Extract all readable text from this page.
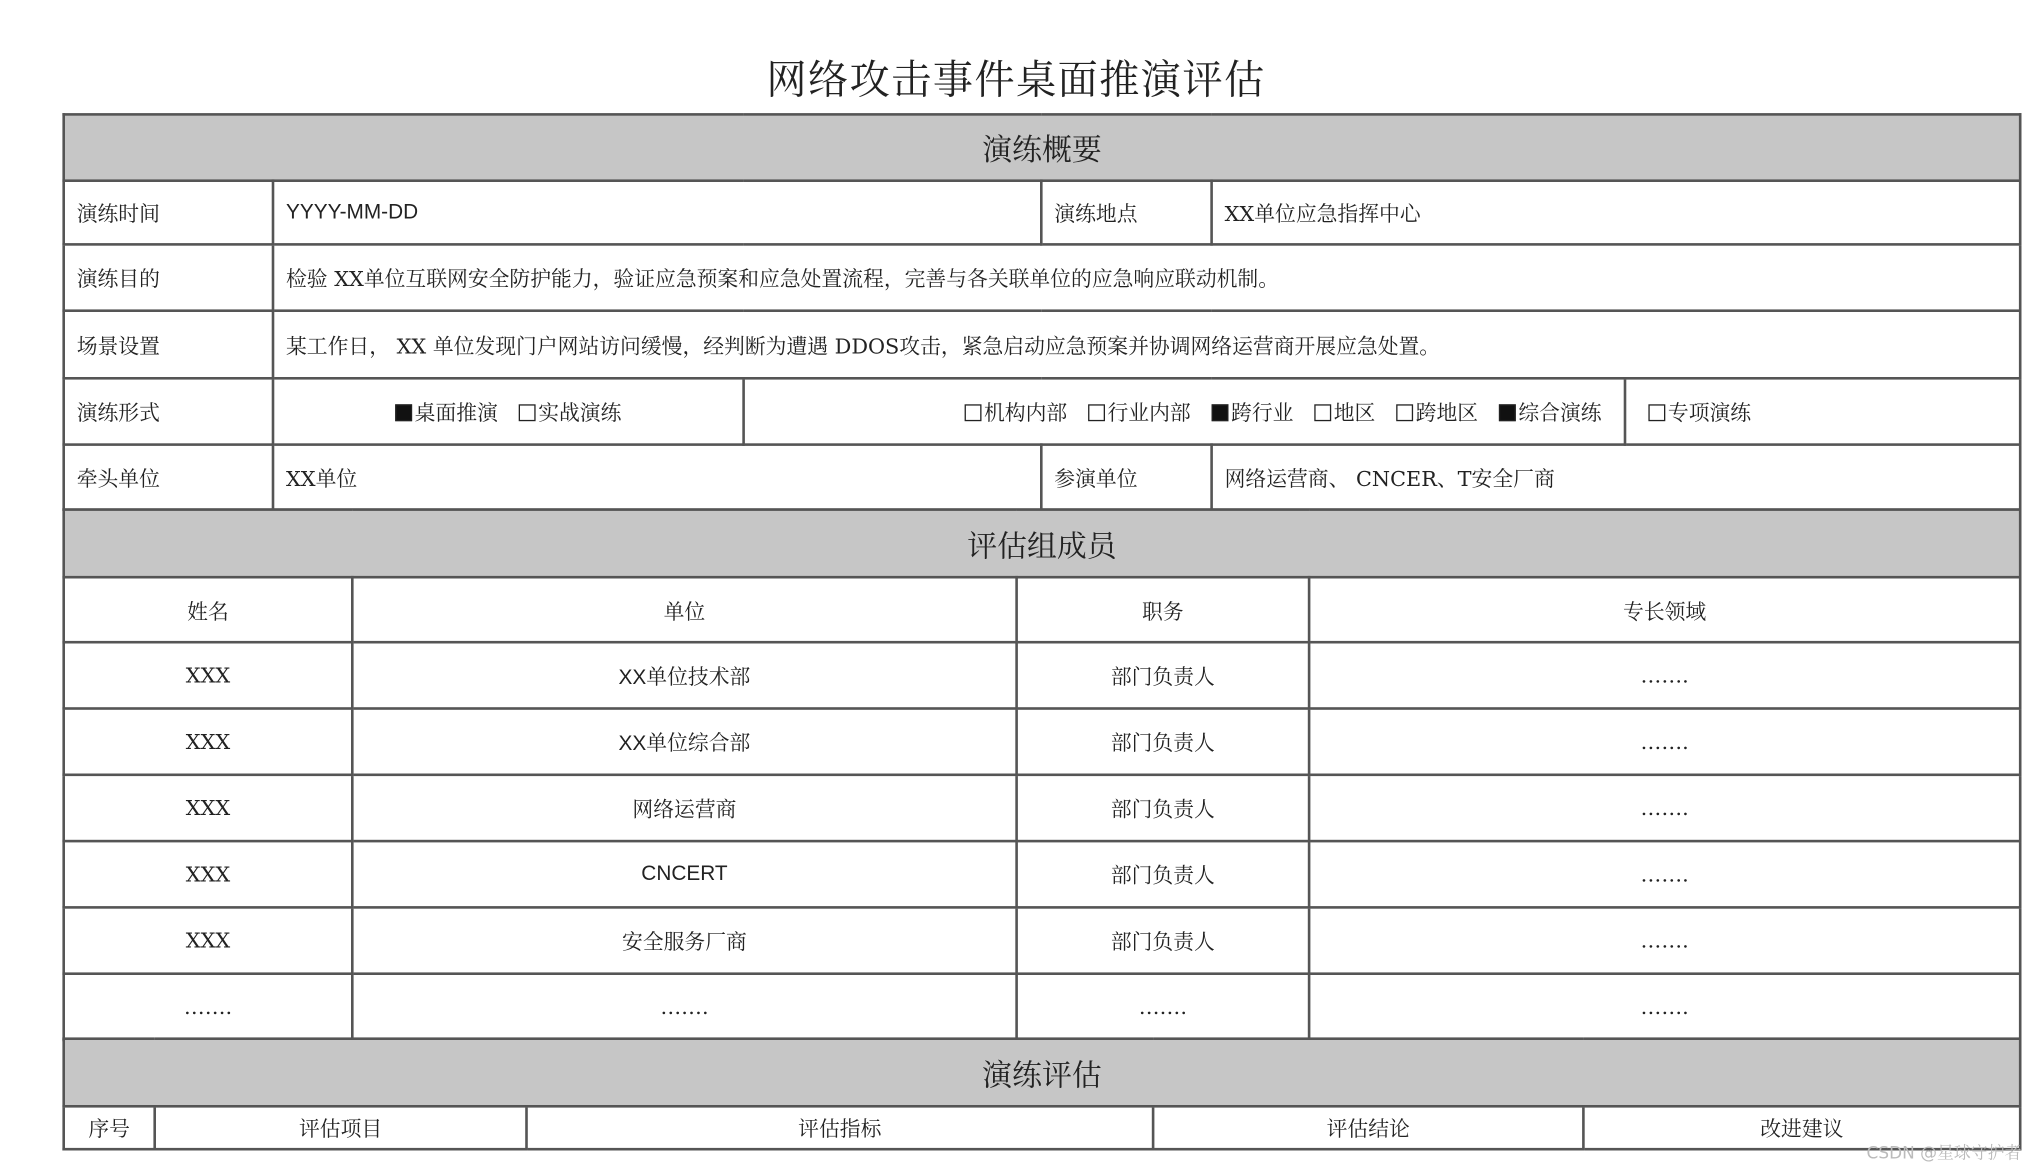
网络攻击事件桌面推演评估
演练概要					
演练时间	YYYY-MM-DD		演练地点	XX单位应急指挥中心	
演练目的	检验 XX单位互联网安全防护能力，验证应急预案和应急处置流程，完善与各关联单位的应急响应联动机制。				
场景设置	某工作日， XX 单位发现门户网站访问缓慢，经判断为遭遇 DDOS攻击，紧急启动应急预案并协调网络运营商开展应急处置。				
演练形式	桌面推演 实战演练	机构内部 行业内部 跨行业 地区 跨地区 综合演练			专项演练
牵头单位	XX单位		参演单位	网络运营商、 CNCER、T安全厂商	
评估组成员			
姓名	单位	职务	专长领域
XXX	XX单位技术部	部门负责人	…….
XXX	XX单位综合部	部门负责人	…….
XXX	网络运营商	部门负责人	…….
XXX	CNCERT	部门负责人	…….
XXX	安全服务厂商	部门负责人	…….
…….	…….	…….	…….
演练评估
序号	评估项目	评估指标	评估结论	改进建议
CSDN @星球守护者
